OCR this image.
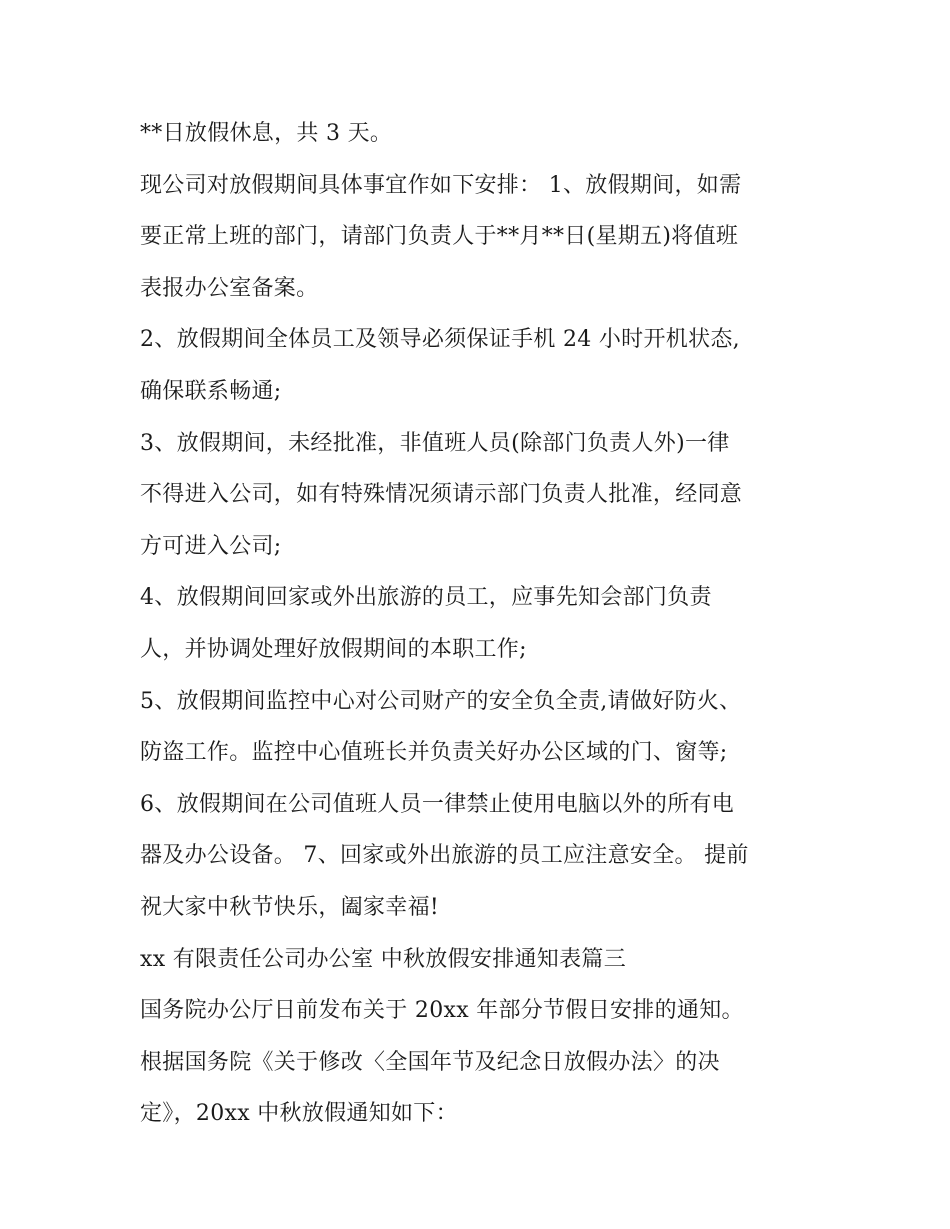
**日放假休息，共 3 天。
现公司对放假期间具体事宜作如下安排： 1、放假期间，如需
要正常上班的部门，请部门负责人于**月**日(星期五)将值班
表报办公室备案。
2、放假期间全体员工及领导必须保证手机 24 小时开机状态,
确保联系畅通;
3、放假期间，未经批准，非值班人员(除部门负责人外)一律
不得进入公司，如有特殊情况须请示部门负责人批准，经同意
方可进入公司;
4、放假期间回家或外出旅游的员工，应事先知会部门负责
人，并协调处理好放假期间的本职工作;
5、放假期间监控中心对公司财产的安全负全责,请做好防火、
防盗工作。监控中心值班长并负责关好办公区域的门、窗等;
6、放假期间在公司值班人员一律禁止使用电脑以外的所有电
器及办公设备。 7、回家或外出旅游的员工应注意安全。 提前
祝大家中秋节快乐，阖家幸福!
xx 有限责任公司办公室 中秋放假安排通知表篇三
国务院办公厅日前发布关于 20xx 年部分节假日安排的通知。
根据国务院《关于修改〈全国年节及纪念日放假办法〉的决
定》，20xx 中秋放假通知如下：
